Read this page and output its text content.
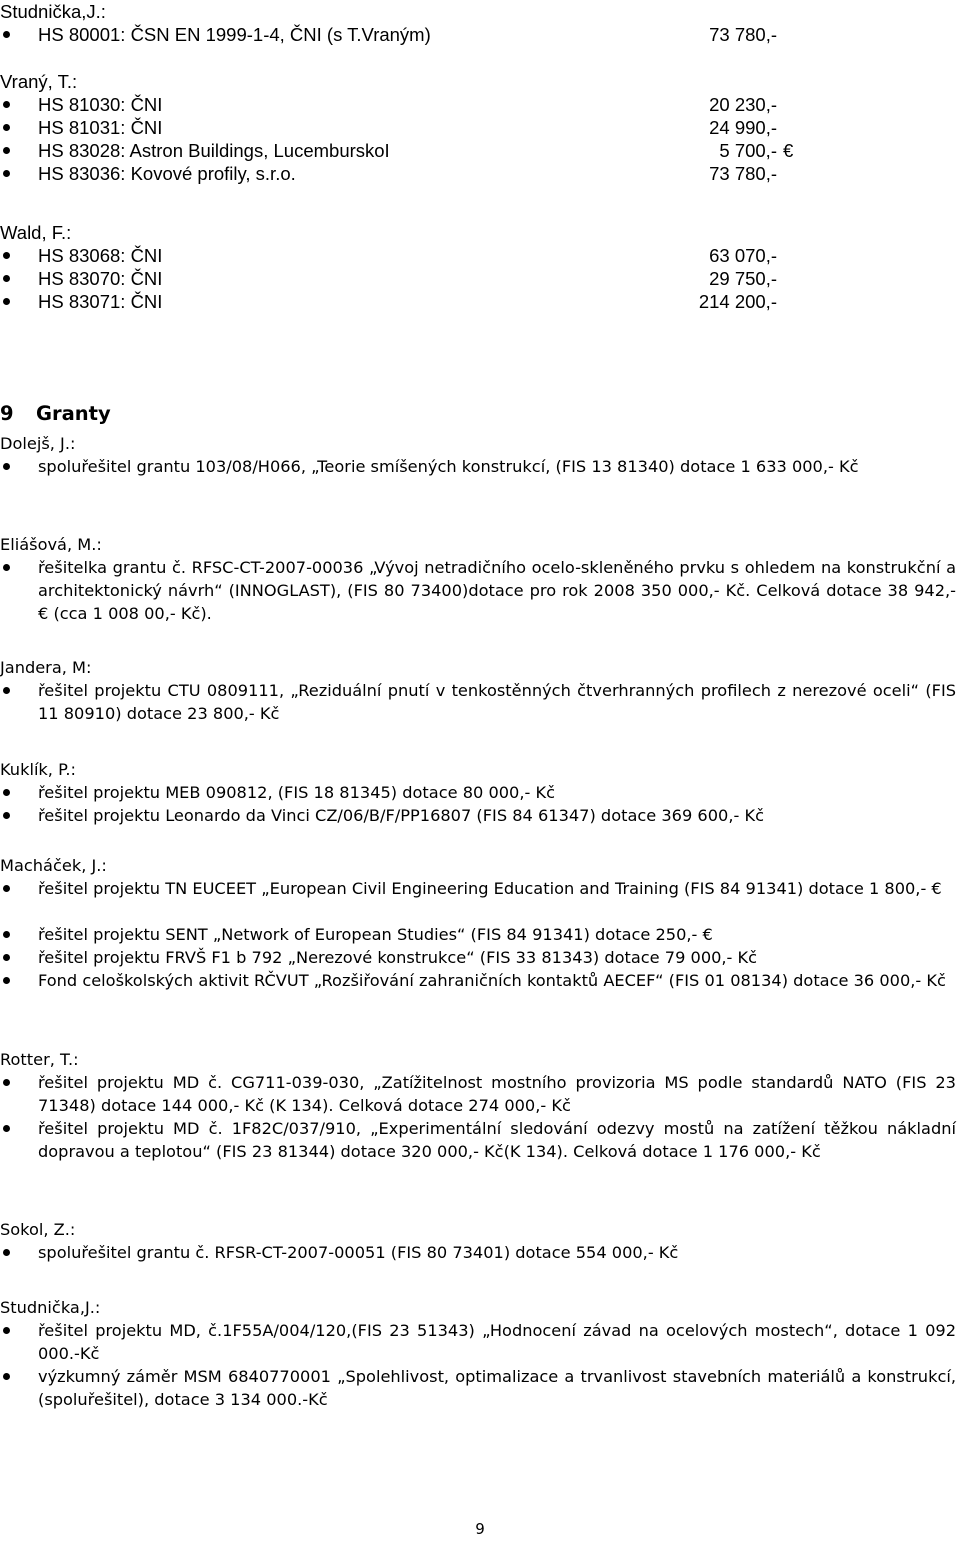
Studnička,J.:
HS 80001: ČSN EN 1999-1-4, ČNI (s T.Vraným)	73 780,-
Vraný, T.:
HS 81030: ČNI	20 230,-
HS 81031: ČNI	24 990,-
HS 83028: Astron Buildings, LucemburskoI	5 700,- €
HS 83036: Kovové profily, s.r.o.	73 780,-
Wald, F.:
HS 83068: ČNI	63 070,-
HS 83070: ČNI	29 750,-
HS 83071: ČNI	214 200,-
9 Granty
Dolejš, J.:
spoluřešitel grantu 103/08/H066, „Teorie smíšených konstrukcí, (FIS 13 81340) dotace 1 633 000,- Kč
Eliášová, M.:
řešitelka grantu č. RFSC-CT-2007-00036 „Vývoj netradičního ocelo-skleněného prvku s ohledem na konstrukční a architektonický návrh“ (INNOGLAST), (FIS 80 73400)dotace pro rok 2008 350 000,- Kč. Celková dotace 38 942,- € (cca 1 008 00,- Kč).
Jandera, M:
řešitel projektu CTU 0809111, „Reziduální pnutí v tenkostěnných čtverhranných profilech z nerezové oceli“ (FIS 11 80910) dotace 23 800,- Kč
Kuklík, P.:
řešitel projektu MEB 090812, (FIS 18 81345) dotace 80 000,- Kč
řešitel projektu Leonardo da Vinci CZ/06/B/F/PP16807 (FIS 84 61347) dotace 369 600,- Kč
Macháček, J.:
řešitel projektu TN EUCEET „European Civil Engineering Education and Training (FIS 84 91341) dotace 1 800,- €
řešitel projektu SENT „Network of European Studies“ (FIS 84 91341) dotace 250,- €
řešitel projektu FRVŠ F1 b 792 „Nerezové konstrukce“ (FIS 33 81343) dotace 79 000,- Kč
Fond celoškolských aktivit RČVUT „Rozšiřování zahraničních kontaktů AECEF“ (FIS 01 08134) dotace 36 000,- Kč
Rotter, T.:
řešitel projektu MD č. CG711-039-030, „Zatížitelnost mostního provizoria MS podle standardů NATO (FIS 23 71348) dotace 144 000,- Kč (K 134). Celková dotace 274 000,- Kč
řešitel projektu MD č. 1F82C/037/910, „Experimentální sledování odezvy mostů na zatížení těžkou nákladní dopravou a teplotou“ (FIS 23 81344) dotace 320 000,- Kč(K 134). Celková dotace 1 176 000,- Kč
Sokol, Z.:
spoluřešitel grantu č. RFSR-CT-2007-00051 (FIS 80 73401) dotace 554 000,- Kč
Studnička,J.:
řešitel projektu MD, č.1F55A/004/120,(FIS 23 51343) „Hodnocení závad na ocelových mostech“, dotace 1 092 000.-Kč
výzkumný záměr MSM 6840770001 „Spolehlivost, optimalizace a trvanlivost stavebních materiálů a konstrukcí, (spoluřešitel), dotace 3 134 000.-Kč
9
